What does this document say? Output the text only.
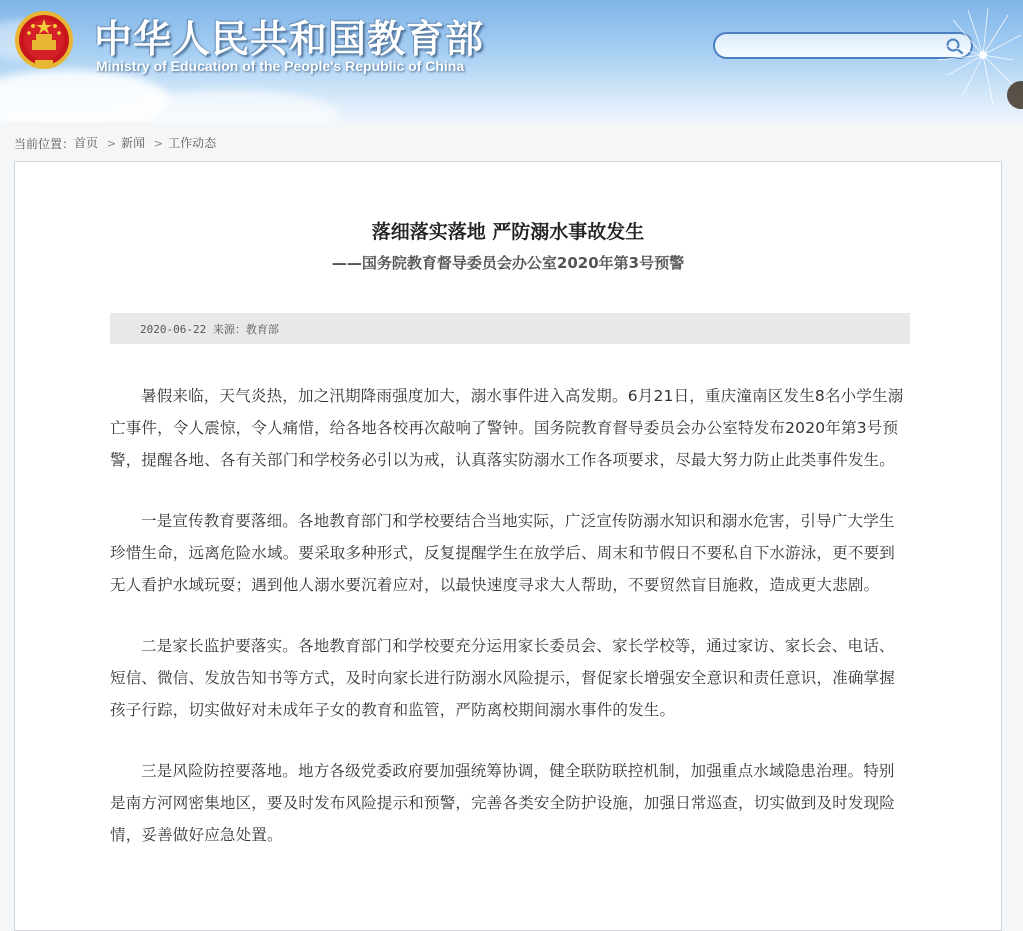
中华人民共和国教育部
Ministry of Education of the People's Republic of China
当前位置：首页 > 新闻 > 工作动态
落细落实落地 严防溺水事故发生
——国务院教育督导委员会办公室2020年第3号预警
2020-06-22 来源：教育部

暑假来临，天气炎热，加之汛期降雨强度加大，溺水事件进入高发期。6月21日，重庆潼南区发生8名小学生溺亡事件，令人震惊，令人痛惜，给各地各校再次敲响了警钟。国务院教育督导委员会办公室特发布2020年第3号预警，提醒各地、各有关部门和学校务必引以为戒，认真落实防溺水工作各项要求，尽最大努力防止此类事件发生。

一是宣传教育要落细。各地教育部门和学校要结合当地实际，广泛宣传防溺水知识和溺水危害，引导广大学生珍惜生命，远离危险水域。要采取多种形式，反复提醒学生在放学后、周末和节假日不要私自下水游泳，更不要到无人看护水域玩耍；遇到他人溺水要沉着应对，以最快速度寻求大人帮助，不要贸然盲目施救，造成更大悲剧。

二是家长监护要落实。各地教育部门和学校要充分运用家长委员会、家长学校等，通过家访、家长会、电话、短信、微信、发放告知书等方式，及时向家长进行防溺水风险提示，督促家长增强安全意识和责任意识，准确掌握孩子行踪，切实做好对未成年子女的教育和监管，严防离校期间溺水事件的发生。

三是风险防控要落地。地方各级党委政府要加强统筹协调，健全联防联控机制，加强重点水域隐患治理。特别是南方河网密集地区，要及时发布风险提示和预警，完善各类安全防护设施，加强日常巡查，切实做到及时发现险情，妥善做好应急处置。
